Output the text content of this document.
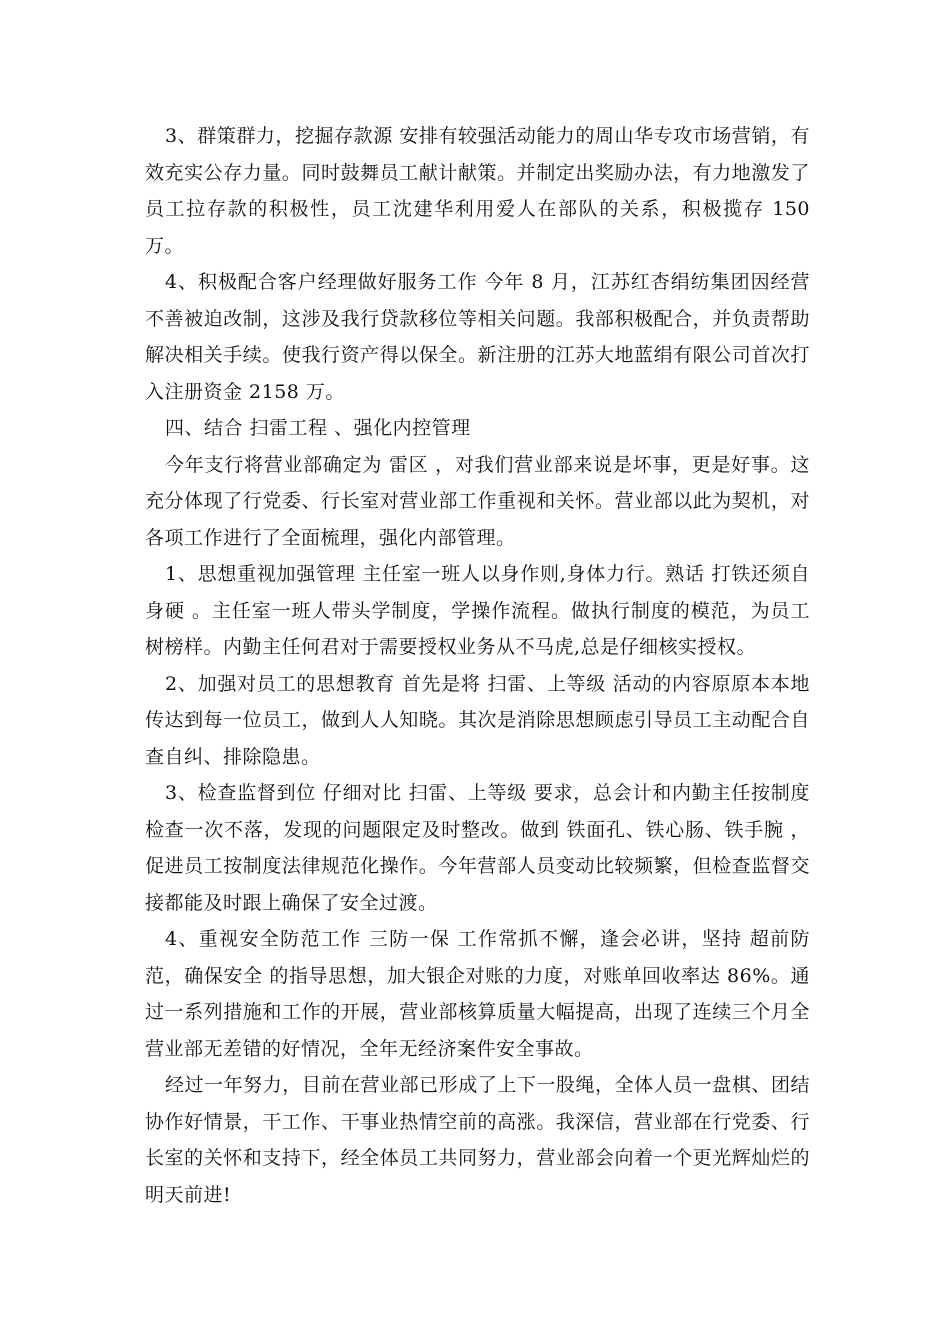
3、群策群力，挖掘存款源 安排有较强活动能力的周山华专攻市场营销，有效充实公存力量。同时鼓舞员工献计献策。并制定出奖励办法，有力地激发了员工拉存款的积极性，员工沈建华利用爱人在部队的关系，积极揽存 150 万。

4、积极配合客户经理做好服务工作 今年 8 月，江苏红杏绢纺集团因经营不善被迫改制，这涉及我行贷款移位等相关问题。我部积极配合，并负责帮助解决相关手续。使我行资产得以保全。新注册的江苏大地蓝绢有限公司首次打入注册资金 2158 万。

四、结合 扫雷工程 、强化内控管理

今年支行将营业部确定为 雷区 ，对我们营业部来说是坏事，更是好事。这充分体现了行党委、行长室对营业部工作重视和关怀。营业部以此为契机，对各项工作进行了全面梳理，强化内部管理。

1、思想重视加强管理 主任室一班人以身作则,身体力行。熟话 打铁还须自身硬 。主任室一班人带头学制度，学操作流程。做执行制度的模范，为员工树榜样。内勤主任何君对于需要授权业务从不马虎,总是仔细核实授权。

2、加强对员工的思想教育 首先是将 扫雷、上等级 活动的内容原原本本地传达到每一位员工，做到人人知晓。其次是消除思想顾虑引导员工主动配合自查自纠、排除隐患。

3、检查监督到位 仔细对比 扫雷、上等级 要求，总会计和内勤主任按制度检查一次不落，发现的问题限定及时整改。做到 铁面孔、铁心肠、铁手腕 ，促进员工按制度法律规范化操作。今年营部人员变动比较频繁，但检查监督交接都能及时跟上确保了安全过渡。

4、重视安全防范工作 三防一保 工作常抓不懈，逢会必讲，坚持 超前防范，确保安全 的指导思想，加大银企对账的力度，对账单回收率达 86%。通过一系列措施和工作的开展，营业部核算质量大幅提高，出现了连续三个月全营业部无差错的好情况，全年无经济案件安全事故。

经过一年努力，目前在营业部已形成了上下一股绳，全体人员一盘棋、团结协作好情景，干工作、干事业热情空前的高涨。我深信，营业部在行党委、行长室的关怀和支持下，经全体员工共同努力，营业部会向着一个更光辉灿烂的明天前进!
